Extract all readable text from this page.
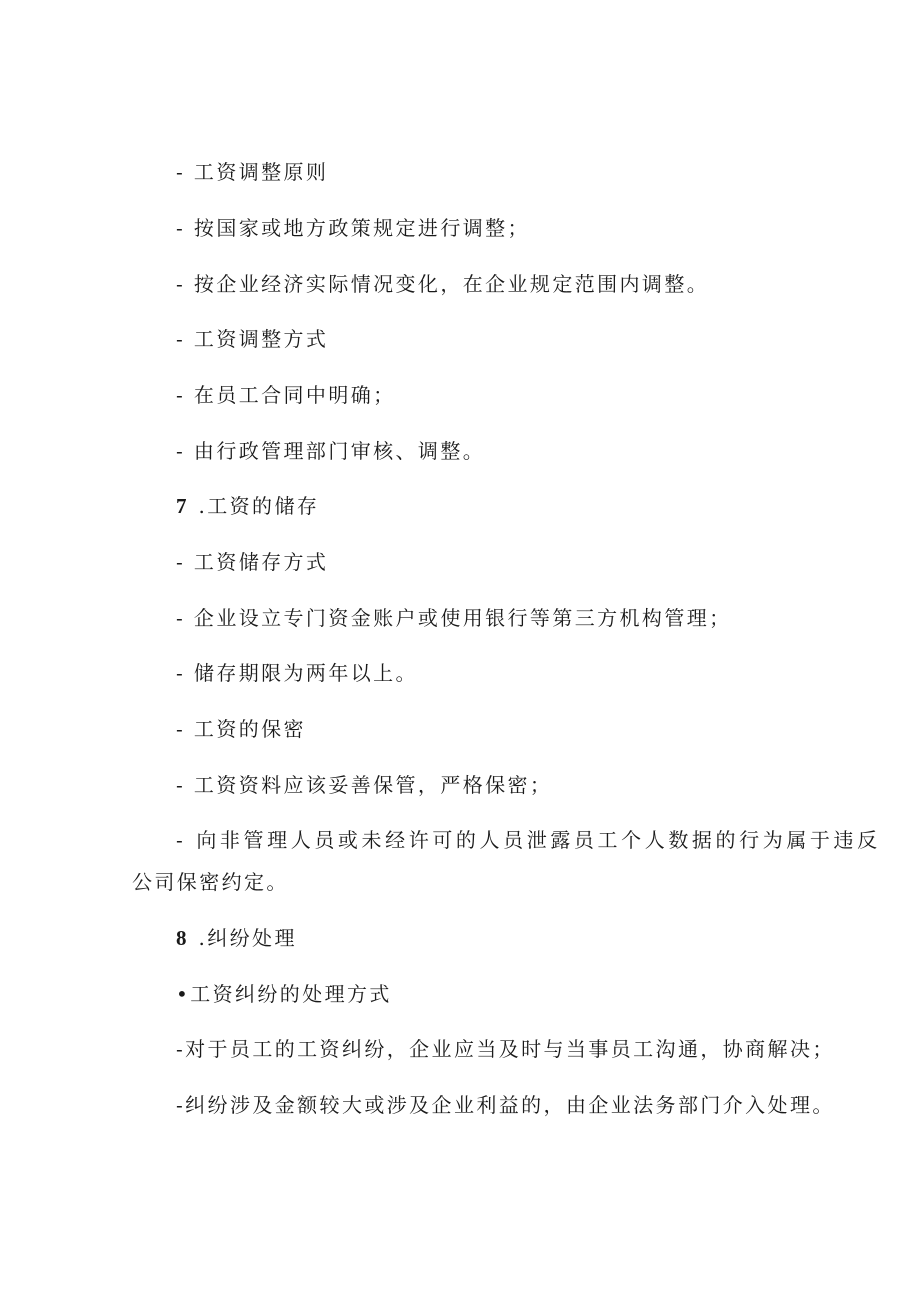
- 工资调整原则
- 按国家或地方政策规定进行调整；
- 按企业经济实际情况变化，在企业规定范围内调整。
- 工资调整方式
- 在员工合同中明确；
- 由行政管理部门审核、调整。
7 .工资的储存
- 工资储存方式
- 企业设立专门资金账户或使用银行等第三方机构管理；
- 储存期限为两年以上。
- 工资的保密
- 工资资料应该妥善保管，严格保密；
- 向非管理人员或未经许可的人员泄露员工个人数据的行为属于违反
公司保密约定。
8 .纠纷处理
•工资纠纷的处理方式
-对于员工的工资纠纷，企业应当及时与当事员工沟通，协商解决；
-纠纷涉及金额较大或涉及企业利益的，由企业法务部门介入处理。
